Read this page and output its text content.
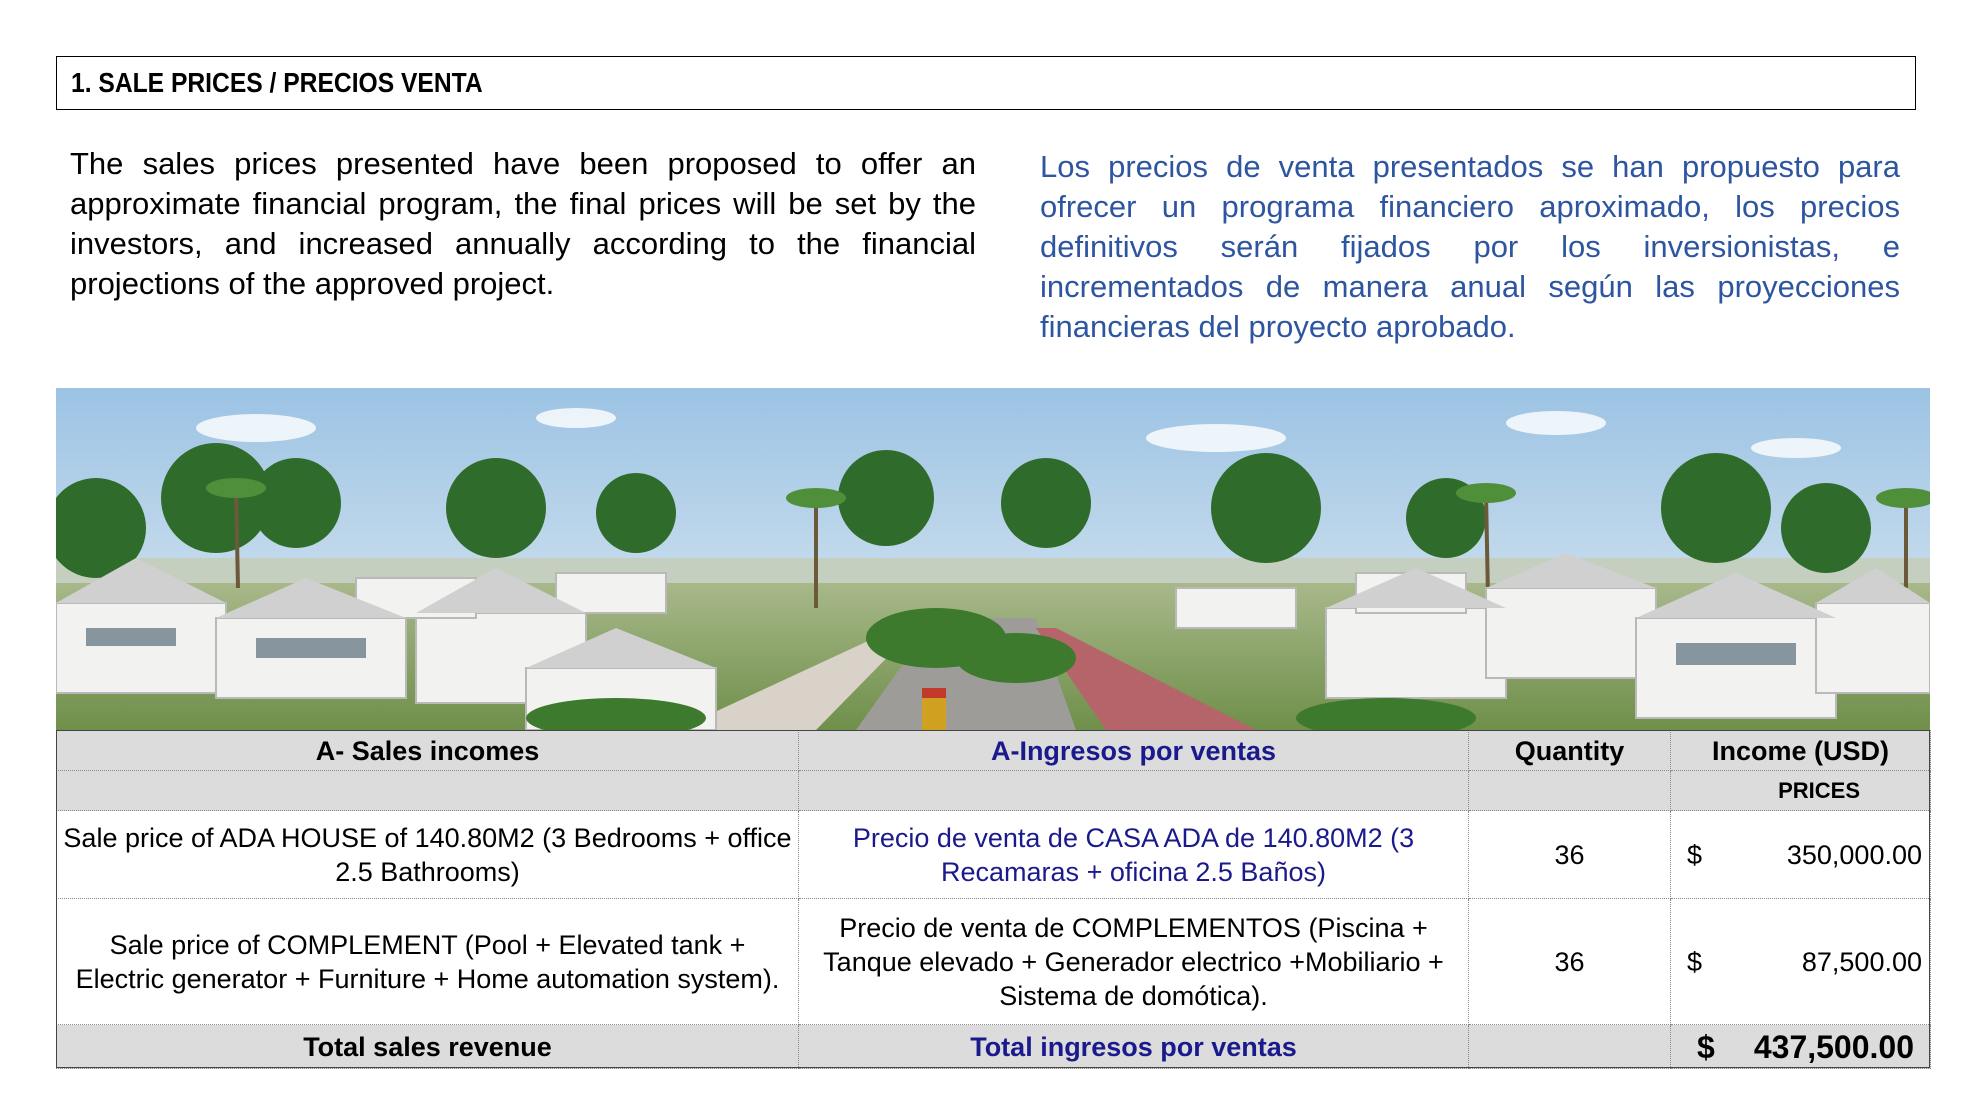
1. SALE PRICES / PRECIOS VENTA
The sales prices presented have been proposed to offer an approximate financial program, the final prices will be set by the investors, and increased annually according to the financial projections of the approved project.
Los precios de venta presentados se han propuesto para ofrecer un programa financiero aproximado, los precios definitivos serán fijados por los inversionistas, e incrementados de manera anual según las proyecciones financieras del proyecto aprobado.
A- Sales incomes	A-Ingresos por ventas	Quantity	Income (USD)
			PRICES
Sale price of ADA HOUSE of 140.80M2 (3 Bedrooms + office 2.5 Bathrooms)	Precio de venta de CASA ADA de 140.80M2 (3 Recamaras + oficina 2.5 Baños)	36	$ 350,000.00

Sale price of COMPLEMENT (Pool + Elevated tank + Electric generator + Furniture + Home automation system).	Precio de venta de COMPLEMENTOS (Piscina + Tanque elevado + Generador electrico +Mobiliario + Sistema de domótica).	36	$ 87,500.00

Total sales revenue	Total ingresos por ventas		$ 437,500.00
